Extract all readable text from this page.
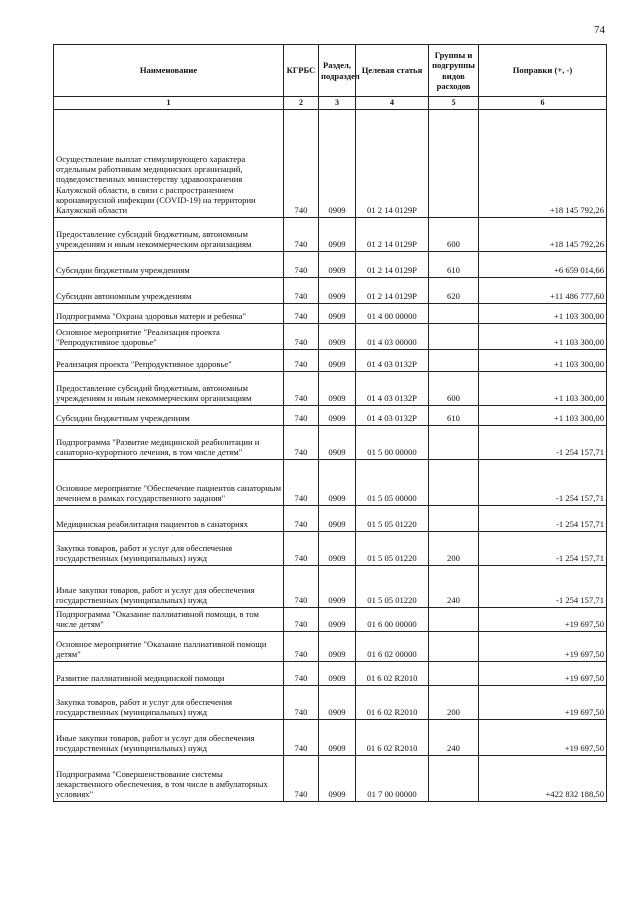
74
Наименование	КГРБС	Раздел, подраздел	Целевая статья	Группы и подгруппы видов расходов	Поправки (+, -)
1	2	3	4	5	6
Осуществление выплат стимулирующего характера отдельным работникам медицинских организаций, подведомственных министерству здравоохранения Калужской области, в связи с распространением коронавирусной инфекции (COVID-19) на территории Калужской области	740	0909	01 2 14 0129P		+18 145 792,26
Предоставление субсидий бюджетным, автономным учреждениям и иным некоммерческим организациям	740	0909	01 2 14 0129P	600	+18 145 792,26
Субсидии бюджетным учреждениям	740	0909	01 2 14 0129P	610	+6 659 014,66
Субсидии автономным учреждениям	740	0909	01 2 14 0129P	620	+11 486 777,60
Подпрограмма "Охрана здоровья матери и ребенка"	740	0909	01 4 00 00000		+1 103 300,00
Основное мероприятие "Реализация проекта "Репродуктивное здоровье"	740	0909	01 4 03 00000		+1 103 300,00
Реализация проекта "Репродуктивное здоровье"	740	0909	01 4 03 0132P		+1 103 300,00
Предоставление субсидий бюджетным, автономным учреждениям и иным некоммерческим организациям	740	0909	01 4 03 0132P	600	+1 103 300,00
Субсидии бюджетным учреждениям	740	0909	01 4 03 0132P	610	+1 103 300,00
Подпрограмма "Развитие медицинской реабилитации и санаторно-курортного лечения, в том числе детям"	740	0909	01 5 00 00000		-1 254 157,71
Основное мероприятие "Обеспечение пациентов санаторным лечением в рамках государственного задания"	740	0909	01 5 05 00000		-1 254 157,71
Медицинская реабилитация пациентов в санаториях	740	0909	01 5 05 01220		-1 254 157,71
Закупка товаров, работ и услуг для обеспечения государственных (муниципальных) нужд	740	0909	01 5 05 01220	200	-1 254 157,71
Иные закупки товаров, работ и услуг для обеспечения государственных (муниципальных) нужд	740	0909	01 5 05 01220	240	-1 254 157,71
Подпрограмма "Оказание паллиативной помощи, в том числе детям"	740	0909	01 6 00 00000		+19 697,50
Основное мероприятие "Оказание паллиативной помощи детям"	740	0909	01 6 02 00000		+19 697,50
Развитие паллиативной медицинской помощи	740	0909	01 6 02 R2010		+19 697,50
Закупка товаров, работ и услуг для обеспечения государственных (муниципальных) нужд	740	0909	01 6 02 R2010	200	+19 697,50
Иные закупки товаров, работ и услуг для обеспечения государственных (муниципальных) нужд	740	0909	01 6 02 R2010	240	+19 697,50
Подпрограмма "Совершенствование системы лекарственного обеспечения, в том числе в амбулаторных условиях"	740	0909	01 7 00 00000		+422 832 188,50
